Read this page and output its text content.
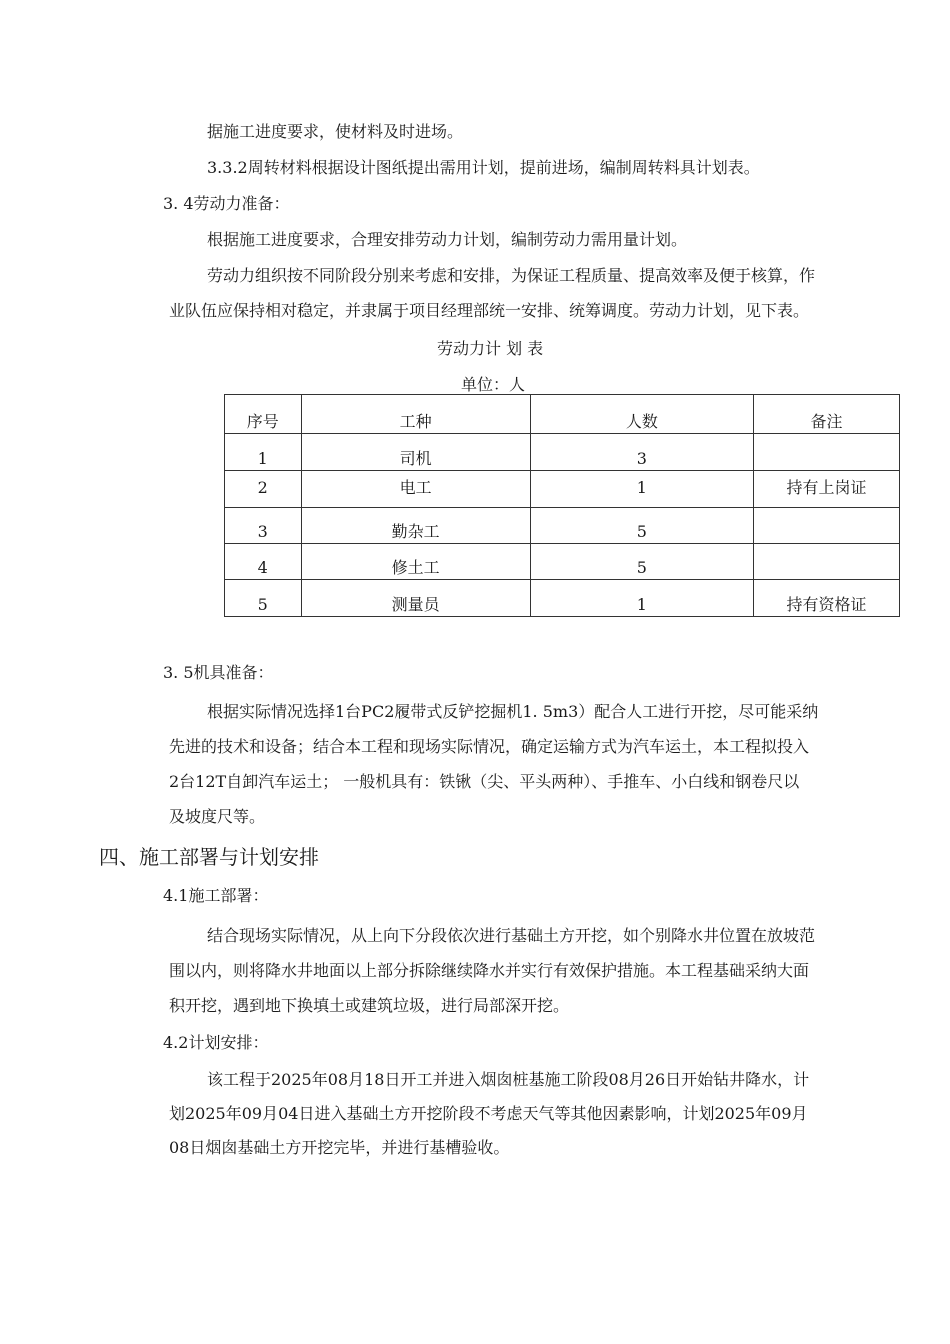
据施工进度要求，使材料及时进场。
3.3.2周转材料根据设计图纸提出需用计划，提前进场，编制周转料具计划表。
3. 4劳动力准备：
根据施工进度要求，合理安排劳动力计划，编制劳动力需用量计划。
劳动力组织按不同阶段分别来考虑和安排，为保证工程质量、提高效率及便于核算，作
业队伍应保持相对稳定，并隶属于项目经理部统一安排、统筹调度。劳动力计划，见下表。
劳动力计 划 表
单位：人
序号	工种	人数	备注
1	司机	3	
2	电工	1	持有上岗证
3	勤杂工	5	
4	修土工	5	
5	测量员	1	持有资格证
3. 5机具准备：
根据实际情况选择1台PC2履带式反铲挖掘机1. 5m3）配合人工进行开挖，尽可能采纳
先进的技术和设备；结合本工程和现场实际情况，确定运输方式为汽车运土，本工程拟投入
2台12T自卸汽车运土； 一般机具有：铁锹（尖、平头两种）、手推车、小白线和钢卷尺以
及坡度尺等。
四、施工部署与计划安排
4.1施工部署：
结合现场实际情况，从上向下分段依次进行基础土方开挖，如个别降水井位置在放坡范
围以内，则将降水井地面以上部分拆除继续降水并实行有效保护措施。本工程基础采纳大面
积开挖，遇到地下换填土或建筑垃圾，进行局部深开挖。
4.2计划安排：
该工程于2025年08月18日开工并进入烟囱桩基施工阶段08月26日开始钻井降水，计
划2025年09月04日进入基础土方开挖阶段不考虑天气等其他因素影响，计划2025年09月
08日烟囱基础土方开挖完毕，并进行基槽验收。
